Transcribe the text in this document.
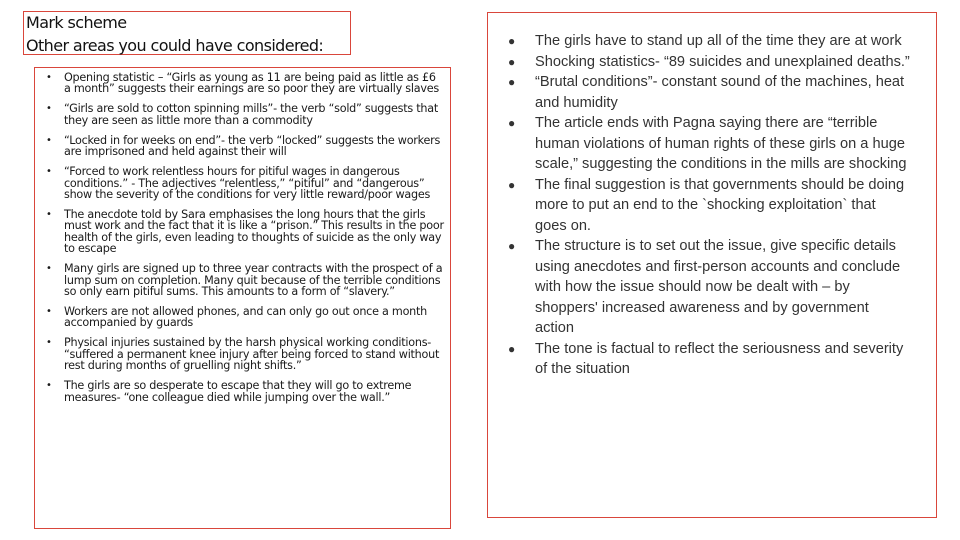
Mark scheme
Other areas you could have considered:
• Opening statistic – “Girls as young as 11 are being paid as little as £6 a month” suggests their earnings are so poor they are virtually slaves
• “Girls are sold to cotton spinning mills”- the verb “sold” suggests that they are seen as little more than a commodity
• “Locked in for weeks on end”- the verb “locked” suggests the workers are imprisoned and held against their will
• “Forced to work relentless hours for pitiful wages in dangerous conditions.” - The adjectives “relentless,” “pitiful” and “dangerous” show the severity of the conditions for very little reward/poor wages
• The anecdote told by Sara emphasises the long hours that the girls must work and the fact that it is like a “prison.” This results in the poor health of the girls, even leading to thoughts of suicide as the only way to escape
• Many girls are signed up to three year contracts with the prospect of a lump sum on completion. Many quit because of the terrible conditions so only earn pitiful sums. This amounts to a form of “slavery.”
• Workers are not allowed phones, and can only go out once a month accompanied by guards
• Physical injuries sustained by the harsh physical working conditions- “suffered a permanent knee injury after being forced to stand without rest during months of gruelling night shifts.”
• The girls are so desperate to escape that they will go to extreme measures- “one colleague died while jumping over the wall.”
● The girls have to stand up all of the time they are at work
● Shocking statistics- “89 suicides and unexplained deaths.”
● “Brutal conditions”- constant sound of the machines, heat and humidity
● The article ends with Pagna saying there are “terrible human violations of human rights of these girls on a huge scale,” suggesting the conditions in the mills are shocking
● The final suggestion is that governments should be doing more to put an end to the `shocking exploitation` that goes on.
● The structure is to set out the issue, give specific details using anecdotes and first-person accounts and conclude with how the issue should now be dealt with – by shoppers' increased awareness and by government action
● The tone is factual to reflect the seriousness and severity of the situation
